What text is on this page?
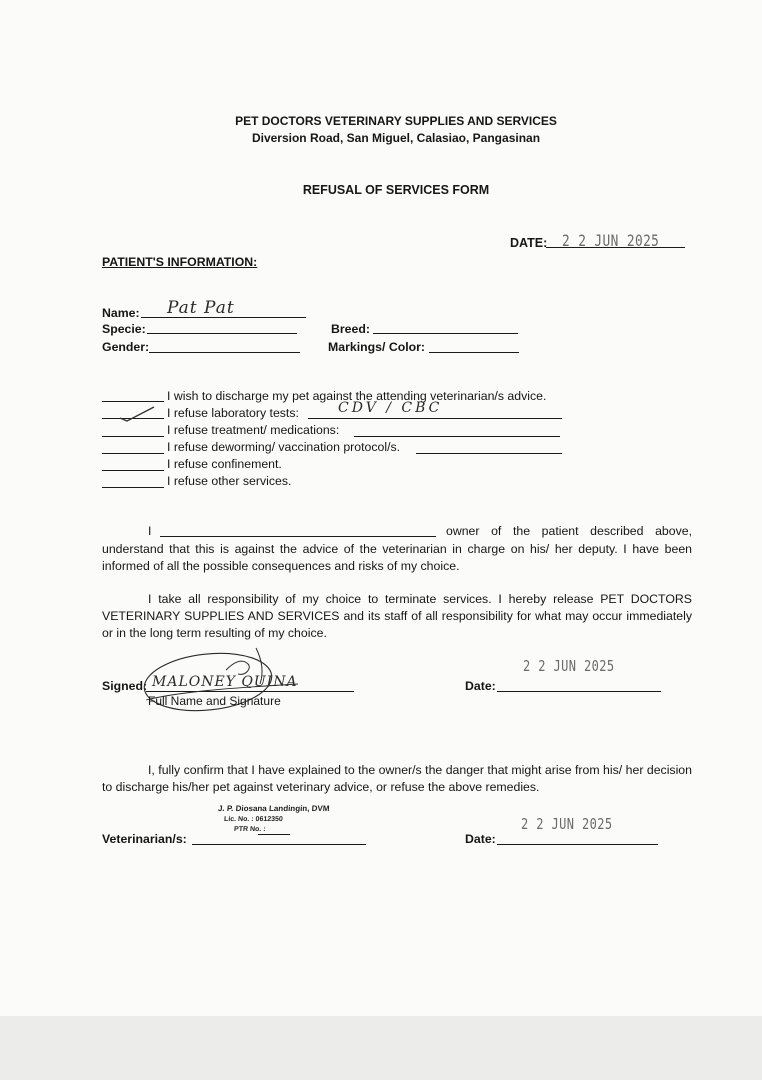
PET DOCTORS VETERINARY SUPPLIES AND SERVICES
Diversion Road, San Miguel, Calasiao, Pangasinan
REFUSAL OF SERVICES FORM
DATE: 2 2 JUN 2025
PATIENT'S INFORMATION:
Name: Pat Pat
Specie:	Breed:
Gender:	Markings/ Color:
I wish to discharge my pet against the attending veterinarian/s advice.
I refuse laboratory tests:	CDV / CBC
I refuse treatment/ medications:
I refuse deworming/ vaccination protocol/s.
I refuse confinement.
I refuse other services.
I	owner of the patient described above,
understand that this is against the advice of the veterinarian in charge on his/ her deputy. I have been informed of all the possible consequences and risks of my choice.
I take all responsibility of my choice to terminate services. I hereby release PET DOCTORS VETERINARY SUPPLIES AND SERVICES and its staff of all responsibility for what may occur immediately or in the long term resulting of my choice.
Signed: MALONEY QUINA
Full Name and Signature
Date:
2 2 JUN 2025
I, fully confirm that I have explained to the owner/s the danger that might arise from his/ her decision to discharge his/her pet against veterinary advice, or refuse the above remedies.
Veterinarian/s:
J. P. Diosana Landingin, DVM
Lic. No. : 0612350
PTR No. :
Date:
2 2 JUN 2025
